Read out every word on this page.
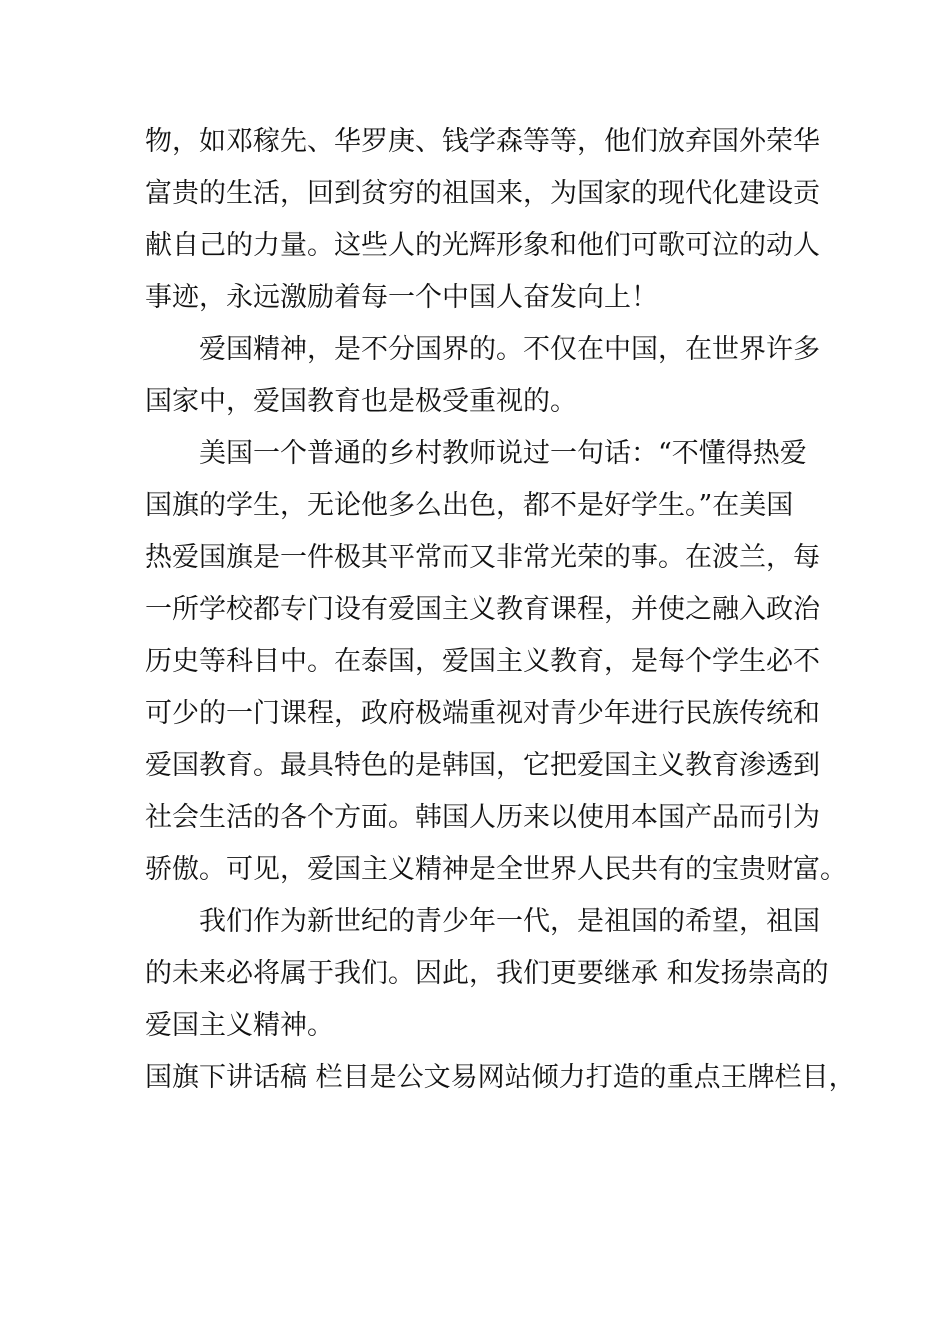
物，如邓稼先、华罗庚、钱学森等等，他们放弃国外荣华
富贵的生活，回到贫穷的祖国来，为国家的现代化建设贡
献自己的力量。这些人的光辉形象和他们可歌可泣的动人
事迹，永远激励着每一个中国人奋发向上！
爱国精神，是不分国界的。不仅在中国，在世界许多
国家中，爱国教育也是极受重视的。
美国一个普通的乡村教师说过一句话：“不懂得热爱
国旗的学生，无论他多么出色，都不是好学生。”在美国
热爱国旗是一件极其平常而又非常光荣的事。在波兰，每
一所学校都专门设有爱国主义教育课程，并使之融入政治
历史等科目中。在泰国，爱国主义教育，是每个学生必不
可少的一门课程，政府极端重视对青少年进行民族传统和
爱国教育。最具特色的是韩国，它把爱国主义教育渗透到
社会生活的各个方面。韩国人历来以使用本国产品而引为
骄傲。可见，爱国主义精神是全世界人民共有的宝贵财富。
我们作为新世纪的青少年一代，是祖国的希望，祖国
的未来必将属于我们。因此，我们更要继承 和发扬崇高的
爱国主义精神。
国旗下讲话稿 栏目是公文易网站倾力打造的重点王牌栏目，
